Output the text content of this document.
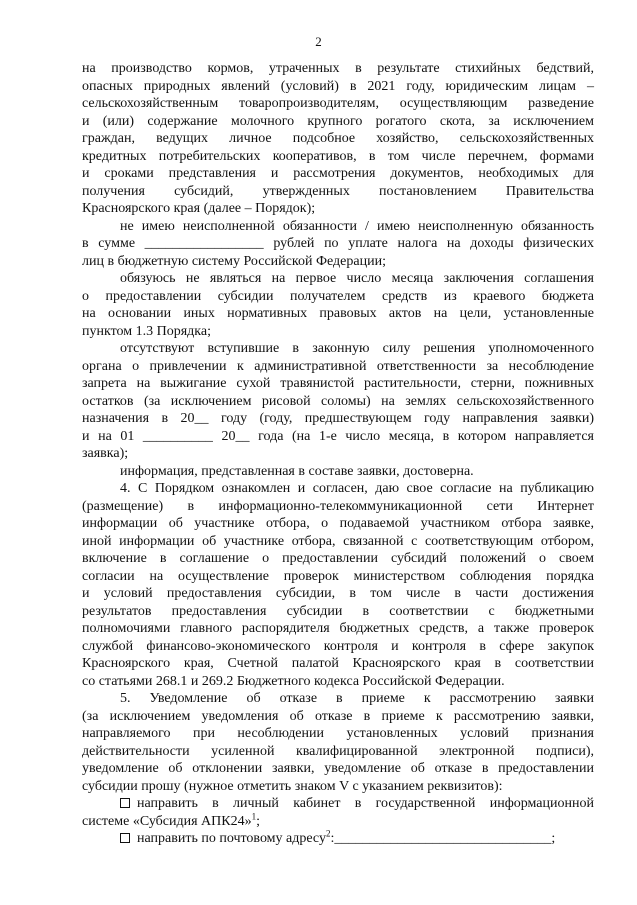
2
на производство кормов, утраченных в результате стихийных бедствий,
опасных природных явлений (условий) в 2021 году, юридическим лицам –
сельскохозяйственным товаропроизводителям, осуществляющим разведение
и (или) содержание молочного крупного рогатого скота, за исключением
граждан, ведущих личное подсобное хозяйство, сельскохозяйственных
кредитных потребительских кооперативов, в том числе перечнем, формами
и сроками представления и рассмотрения документов, необходимых для
получения субсидий, утвержденных постановлением Правительства
Красноярского края (далее – Порядок);
не имею неисполненной обязанности / имею неисполненную обязанность
в сумме _________________ рублей по уплате налога на доходы физических
лиц в бюджетную систему Российской Федерации;
обязуюсь не являться на первое число месяца заключения соглашения
о предоставлении субсидии получателем средств из краевого бюджета
на основании иных нормативных правовых актов на цели, установленные
пунктом 1.3 Порядка;
отсутствуют вступившие в законную силу решения уполномоченного
органа о привлечении к административной ответственности за несоблюдение
запрета на выжигание сухой травянистой растительности, стерни, пожнивных
остатков (за исключением рисовой соломы) на землях сельскохозяйственного
назначения в 20__ году (году, предшествующем году направления заявки)
и на 01 __________ 20__ года (на 1-е число месяца, в котором направляется
заявка);
информация, представленная в составе заявки, достоверна.
4. С Порядком ознакомлен и согласен, даю свое согласие на публикацию
(размещение) в информационно-телекоммуникационной сети Интернет
информации об участнике отбора, о подаваемой участником отбора заявке,
иной информации об участнике отбора, связанной с соответствующим отбором,
включение в соглашение о предоставлении субсидий положений о своем
согласии на осуществление проверок министерством соблюдения порядка
и условий предоставления субсидии, в том числе в части достижения
результатов предоставления субсидии в соответствии с бюджетными
полномочиями главного распорядителя бюджетных средств, а также проверок
службой финансово-экономического контроля и контроля в сфере закупок
Красноярского края, Счетной палатой Красноярского края в соответствии
со статьями 268.1 и 269.2 Бюджетного кодекса Российской Федерации.
5. Уведомление об отказе в приеме к рассмотрению заявки
(за исключением уведомления об отказе в приеме к рассмотрению заявки,
направляемого при несоблюдении установленных условий признания
действительности усиленной квалифицированной электронной подписи),
уведомление об отклонении заявки, уведомление об отказе в предоставлении
субсидии прошу (нужное отметить знаком V с указанием реквизитов):
направить в личный кабинет в государственной информационной
системе «Субсидия АПК24»$^1$;
направить по почтовому адресу$^2$:_______________________________;
